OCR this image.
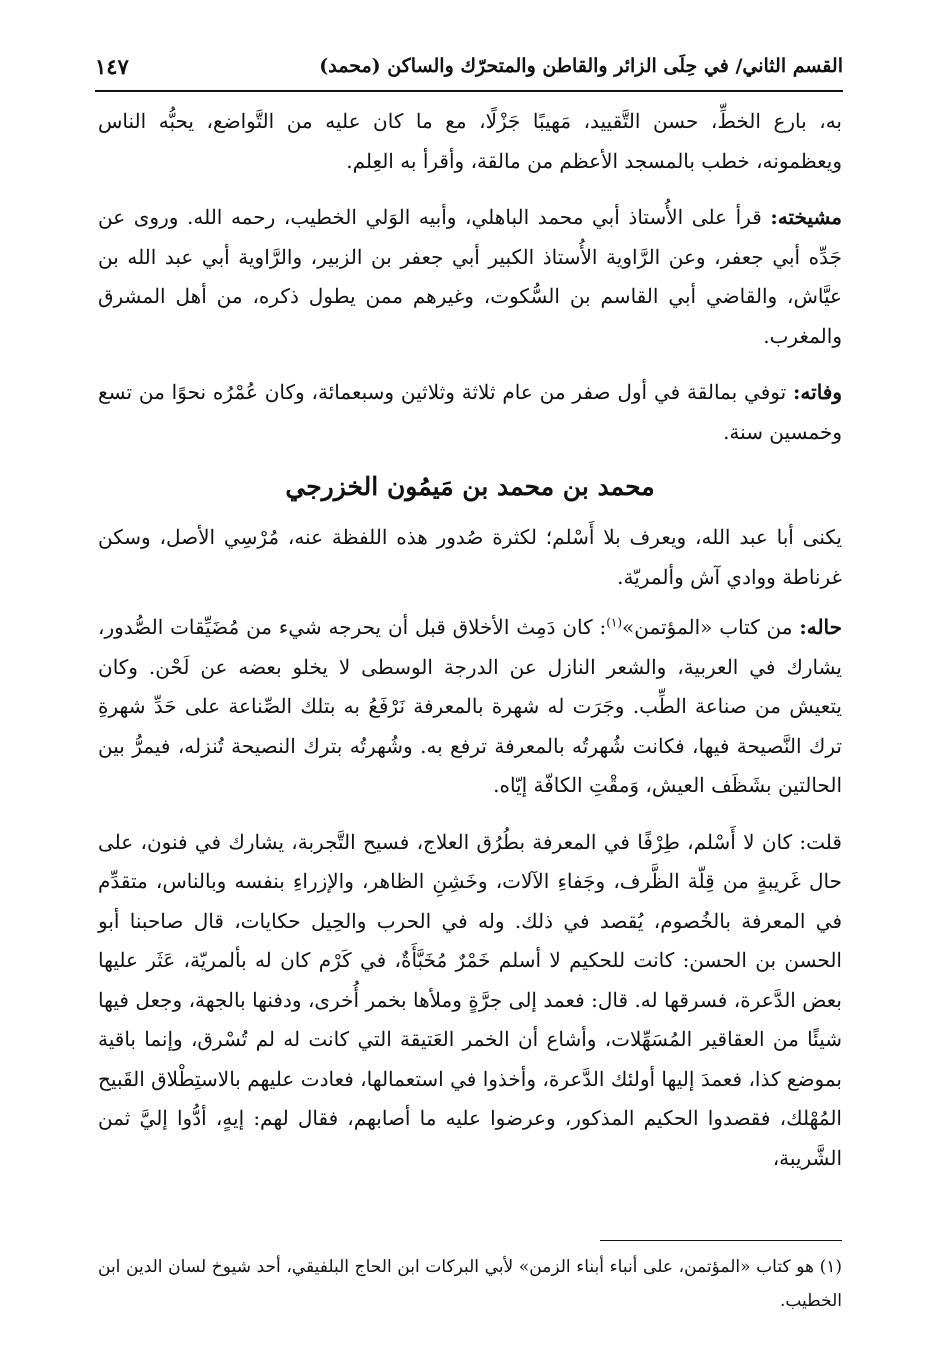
القسم الثاني/ في حِلَى الزائر والقاطن والمتحرّك والساكن (محمد)
١٤٧

به، بارع الخطِّ، حسن التَّقييد، مَهيبًا جَزْلًا، مع ما كان عليه من التَّواضع، يحبُّه الناس ويعظمونه، خطب بالمسجد الأعظم من مالقة، وأقرأ به العِلم.

مشيخته: قرأ على الأُستاذ أبي محمد الباهلي، وأبيه الوَلي الخطيب، رحمه الله. وروى عن جَدِّه أبي جعفر، وعن الرَّاوية الأُستاذ الكبير أبي جعفر بن الزبير، والرَّاوية أبي عبد الله بن عيَّاش، والقاضي أبي القاسم بن السُّكوت، وغيرهم ممن يطول ذكره، من أهل المشرق والمغرب.

وفاته: توفي بمالقة في أول صفر من عام ثلاثة وثلاثين وسبعمائة، وكان عُمْرُه نحوًا من تسع وخمسين سنة.

محمد بن محمد بن مَيمُون الخزرجي

يكنى أبا عبد الله، ويعرف بلا أَسْلم؛ لكثرة صُدور هذه اللفظة عنه، مُرْسِي الأصل، وسكن غرناطة ووادي آش وألمريّة.

حاله: من كتاب «المؤتمن»$^{(١)}$: كان دَمِث الأخلاق قبل أن يحرجه شيء من مُضَيِّقات الصُّدور، يشارك في العربية، والشعر النازل عن الدرجة الوسطى لا يخلو بعضه عن لَحْن. وكان يتعيش من صناعة الطِّب. وجَرَت له شهرة بالمعرفة نَرْفَعُ به بتلك الصِّناعة على حَدِّ شهرةِ ترك النَّصيحة فيها، فكانت شُهرتُه بالمعرفة ترفع به. وشُهرتُه بترك النصيحة تُنزله، فيمرُّ بين الحالتين بشَظَف العيش، وَمقْتِ الكافّة إيّاه.

قلت: كان لا أَسْلم، طِرْفًا في المعرفة بطُرُق العلاج، فسيح التَّجربة، يشارك في فنون، على حال غَريبةٍ من قِلّة الظَّرف، وجَفاءِ الآلات، وخَشِنِ الظاهر، والإزراءِ بنفسه وبالناس، متقدِّم في المعرفة بالخُصوم، يُقصد في ذلك. وله في الحرب والحِيل حكايات، قال صاحبنا أبو الحسن بن الحسن: كانت للحكيم لا أسلم خَمْرٌ مُخَبَّأَةٌ، في كَرْم كان له بألمريّة، عَثَر عليها بعض الدَّعرة، فسرقها له. قال: فعمد إلى جرَّةٍ وملأها بخمر أُخرى، ودفنها بالجهة، وجعل فيها شيئًا من العقاقير المُسَهِّلات، وأشاع أن الخمر العَتيقة التي كانت له لم تُسْرق، وإنما باقية بموضع كذا، فعمدَ إليها أولئك الدَّعرة، وأخذوا في استعمالها، فعادت عليهم بالاستِطْلاق القَبيح المُهْلك، فقصدوا الحكيم المذكور، وعرضوا عليه ما أصابهم، فقال لهم: إيهٍ، أدُّوا إليَّ ثمن الشَّريبة،

(١) هو كتاب «المؤتمن، على أنباء أبناء الزمن» لأبي البركات ابن الحاج البلفيقي، أحد شيوخ لسان الدين ابن الخطيب.
